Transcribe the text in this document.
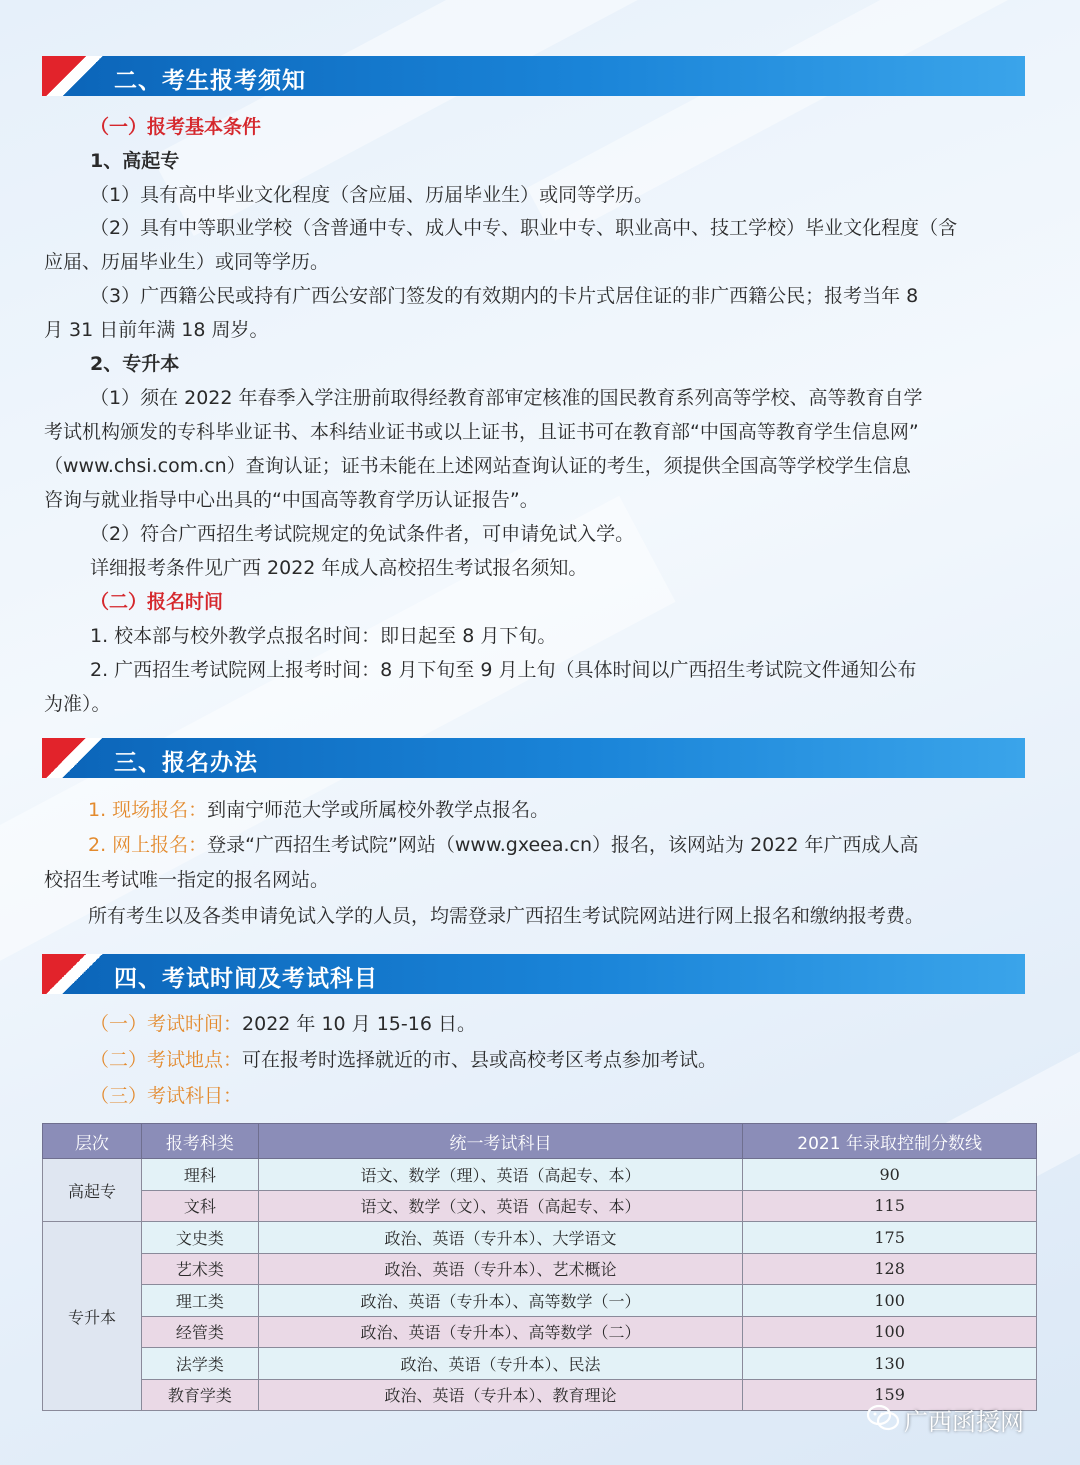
二、考生报考须知
（一）报考基本条件
1、高起专
（1）具有高中毕业文化程度（含应届、历届毕业生）或同等学历。
（2）具有中等职业学校（含普通中专、成人中专、职业中专、职业高中、技工学校）毕业文化程度（含
应届、历届毕业生）或同等学历。
（3）广西籍公民或持有广西公安部门签发的有效期内的卡片式居住证的非广西籍公民；报考当年 8
月 31 日前年满 18 周岁。
2、专升本
（1）须在 2022 年春季入学注册前取得经教育部审定核准的国民教育系列高等学校、高等教育自学
考试机构颁发的专科毕业证书、本科结业证书或以上证书，且证书可在教育部“中国高等教育学生信息网”
（www.chsi.com.cn）查询认证；证书未能在上述网站查询认证的考生，须提供全国高等学校学生信息
咨询与就业指导中心出具的“中国高等教育学历认证报告”。
（2）符合广西招生考试院规定的免试条件者，可申请免试入学。
详细报考条件见广西 2022 年成人高校招生考试报名须知。
（二）报名时间
1. 校本部与校外教学点报名时间：即日起至 8 月下旬。
2. 广西招生考试院网上报考时间：8 月下旬至 9 月上旬（具体时间以广西招生考试院文件通知公布
为准）。
三、报名办法
1. 现场报名：到南宁师范大学或所属校外教学点报名。
2. 网上报名：登录“广西招生考试院”网站（www.gxeea.cn）报名，该网站为 2022 年广西成人高
校招生考试唯一指定的报名网站。
所有考生以及各类申请免试入学的人员，均需登录广西招生考试院网站进行网上报名和缴纳报考费。
四、考试时间及考试科目
（一）考试时间：2022 年 10 月 15-16 日。
（二）考试地点：可在报考时选择就近的市、县或高校考区考点参加考试。
（三）考试科目：
层次	报考科类	统一考试科目	2021 年录取控制分数线
高起专	理科	语文、数学（理）、英语（高起专、本）	90
	文科	语文、数学（文）、英语（高起专、本）	115
专升本	文史类	政治、英语（专升本）、大学语文	175
	艺术类	政治、英语（专升本）、艺术概论	128
	理工类	政治、英语（专升本）、高等数学（一）	100
	经管类	政治、英语（专升本）、高等数学（二）	100
	法学类	政治、英语（专升本）、民法	130
	教育学类	政治、英语（专升本）、教育理论	159
广西函授网
